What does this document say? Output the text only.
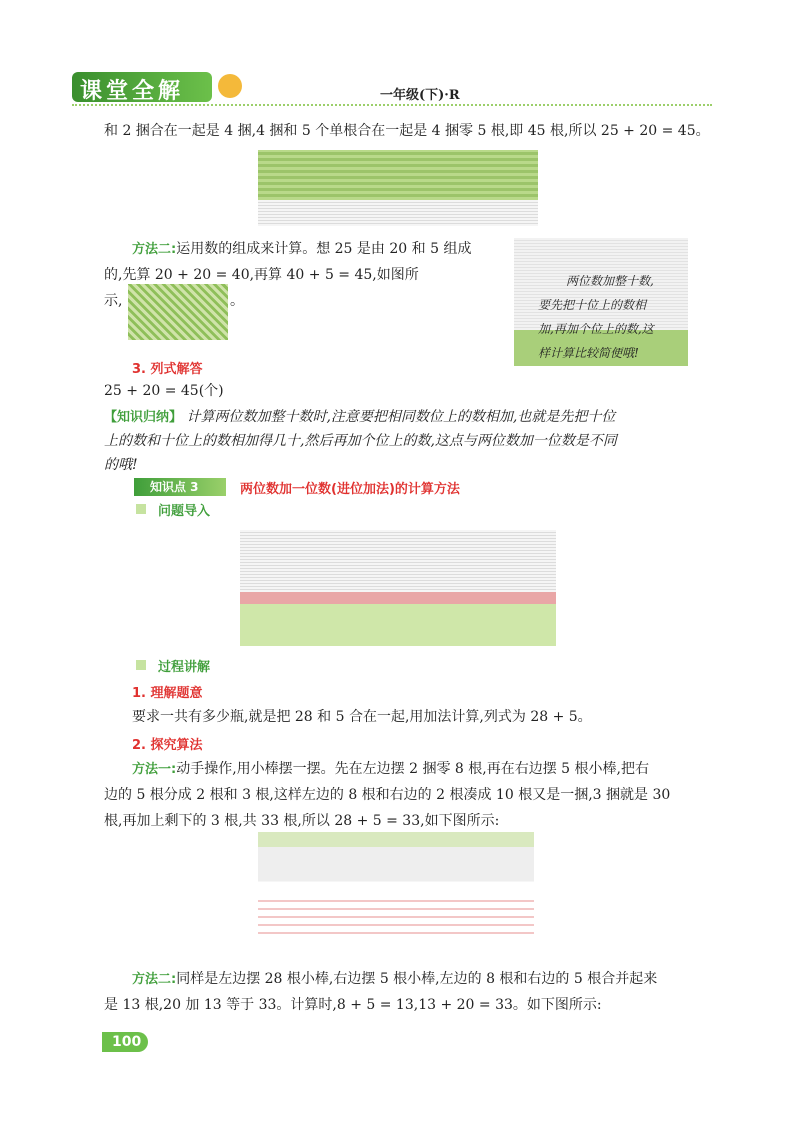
课堂全解	一年级(下)·R
和 2 捆合在一起是 4 捆,4 捆和 5 个单根合在一起是 4 捆零 5 根,即 45 根,所以 25 + 20 = 45。
方法二:运用数的组成来计算。想 25 是由 20 和 5 组成
的,先算 20 + 20 = 40,再算 40 + 5 = 45,如图所
示,	。
两位数加整十数,
要先把十位上的数相
加,再加个位上的数,这
样计算比较简便哦!
3. 列式解答
25 + 20 = 45(个)
【知识归纳】 计算两位数加整十数时,注意要把相同数位上的数相加,也就是先把十位
上的数和十位上的数相加得几十,然后再加个位上的数,这点与两位数加一位数是不同
的哦!
知识点 3	两位数加一位数(进位加法)的计算方法
问题导入
过程讲解
1. 理解题意
要求一共有多少瓶,就是把 28 和 5 合在一起,用加法计算,列式为 28 + 5。
2. 探究算法
方法一:动手操作,用小棒摆一摆。先在左边摆 2 捆零 8 根,再在右边摆 5 根小棒,把右
边的 5 根分成 2 根和 3 根,这样左边的 8 根和右边的 2 根凑成 10 根又是一捆,3 捆就是 30
根,再加上剩下的 3 根,共 33 根,所以 28 + 5 = 33,如下图所示:
方法二:同样是左边摆 28 根小棒,右边摆 5 根小棒,左边的 8 根和右边的 5 根合并起来
是 13 根,20 加 13 等于 33。计算时,8 + 5 = 13,13 + 20 = 33。如下图所示:
100
